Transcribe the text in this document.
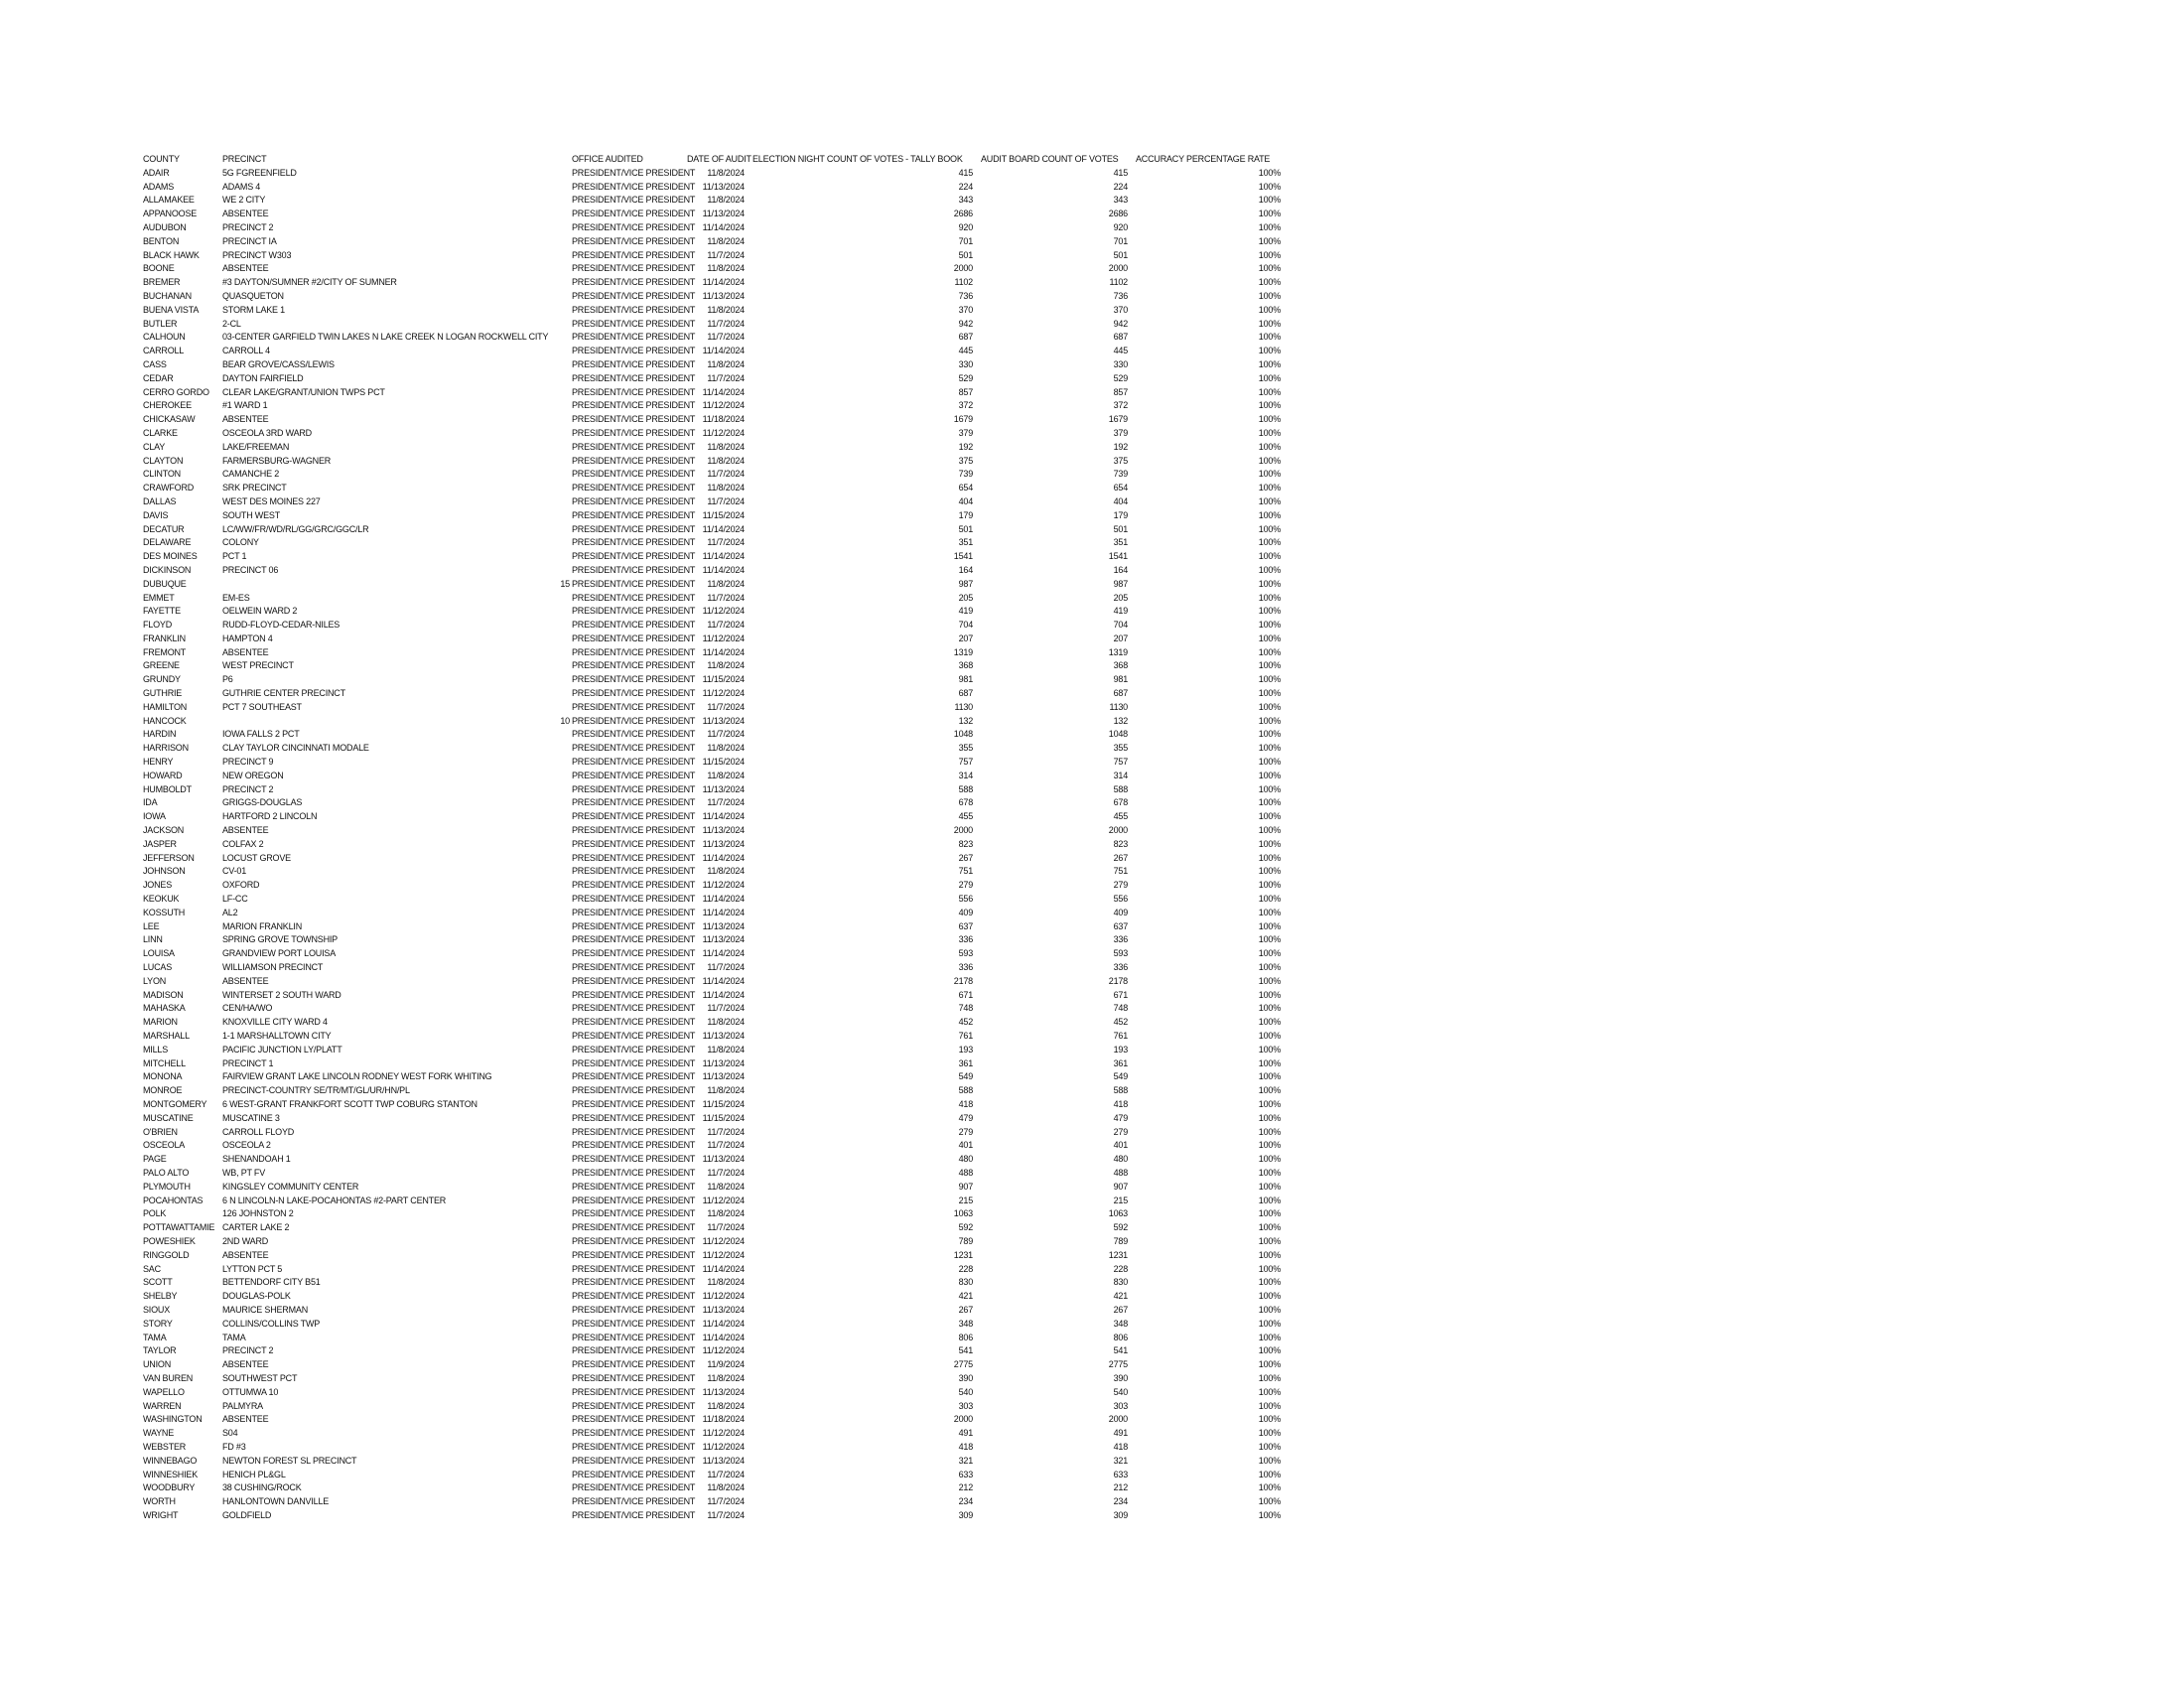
COUNTY	PRECINCT		OFFICE AUDITED	DATE OF AUDIT	ELECTION NIGHT COUNT OF VOTES - TALLY BOOK	AUDIT BOARD COUNT OF VOTES	ACCURACY PERCENTAGE RATE
ADAIR	5G FGREENFIELD		PRESIDENT/VICE PRESIDENT	11/8/2024	415	415	100%
ADAMS	ADAMS 4		PRESIDENT/VICE PRESIDENT	11/13/2024	224	224	100%
ALLAMAKEE	WE 2 CITY		PRESIDENT/VICE PRESIDENT	11/8/2024	343	343	100%
APPANOOSE	ABSENTEE		PRESIDENT/VICE PRESIDENT	11/13/2024	2686	2686	100%
AUDUBON	PRECINCT 2		PRESIDENT/VICE PRESIDENT	11/14/2024	920	920	100%
BENTON	PRECINCT IA		PRESIDENT/VICE PRESIDENT	11/8/2024	701	701	100%
BLACK HAWK	PRECINCT W303		PRESIDENT/VICE PRESIDENT	11/7/2024	501	501	100%
BOONE	ABSENTEE		PRESIDENT/VICE PRESIDENT	11/8/2024	2000	2000	100%
BREMER	#3 DAYTON/SUMNER #2/CITY OF SUMNER		PRESIDENT/VICE PRESIDENT	11/14/2024	1102	1102	100%
BUCHANAN	QUASQUETON		PRESIDENT/VICE PRESIDENT	11/13/2024	736	736	100%
BUENA VISTA	STORM LAKE 1		PRESIDENT/VICE PRESIDENT	11/8/2024	370	370	100%
BUTLER	2-CL		PRESIDENT/VICE PRESIDENT	11/7/2024	942	942	100%
CALHOUN	03-CENTER GARFIELD TWIN LAKES N LAKE CREEK N LOGAN ROCKWELL CITY		PRESIDENT/VICE PRESIDENT	11/7/2024	687	687	100%
CARROLL	CARROLL 4		PRESIDENT/VICE PRESIDENT	11/14/2024	445	445	100%
CASS	BEAR GROVE/CASS/LEWIS		PRESIDENT/VICE PRESIDENT	11/8/2024	330	330	100%
CEDAR	DAYTON FAIRFIELD		PRESIDENT/VICE PRESIDENT	11/7/2024	529	529	100%
CERRO GORDO	CLEAR LAKE/GRANT/UNION TWPS PCT		PRESIDENT/VICE PRESIDENT	11/14/2024	857	857	100%
CHEROKEE	#1 WARD 1		PRESIDENT/VICE PRESIDENT	11/12/2024	372	372	100%
CHICKASAW	ABSENTEE		PRESIDENT/VICE PRESIDENT	11/18/2024	1679	1679	100%
CLARKE	OSCEOLA 3RD WARD		PRESIDENT/VICE PRESIDENT	11/12/2024	379	379	100%
CLAY	LAKE/FREEMAN		PRESIDENT/VICE PRESIDENT	11/8/2024	192	192	100%
CLAYTON	FARMERSBURG-WAGNER		PRESIDENT/VICE PRESIDENT	11/8/2024	375	375	100%
CLINTON	CAMANCHE 2		PRESIDENT/VICE PRESIDENT	11/7/2024	739	739	100%
CRAWFORD	SRK PRECINCT		PRESIDENT/VICE PRESIDENT	11/8/2024	654	654	100%
DALLAS	WEST DES MOINES 227		PRESIDENT/VICE PRESIDENT	11/7/2024	404	404	100%
DAVIS	SOUTH WEST		PRESIDENT/VICE PRESIDENT	11/15/2024	179	179	100%
DECATUR	LC/WW/FR/WD/RL/GG/GRC/GGC/LR		PRESIDENT/VICE PRESIDENT	11/14/2024	501	501	100%
DELAWARE	COLONY		PRESIDENT/VICE PRESIDENT	11/7/2024	351	351	100%
DES MOINES	PCT 1		PRESIDENT/VICE PRESIDENT	11/14/2024	1541	1541	100%
DICKINSON	PRECINCT 06		PRESIDENT/VICE PRESIDENT	11/14/2024	164	164	100%
DUBUQUE		15	PRESIDENT/VICE PRESIDENT	11/8/2024	987	987	100%
EMMET	EM-ES		PRESIDENT/VICE PRESIDENT	11/7/2024	205	205	100%
FAYETTE	OELWEIN WARD 2		PRESIDENT/VICE PRESIDENT	11/12/2024	419	419	100%
FLOYD	RUDD-FLOYD-CEDAR-NILES		PRESIDENT/VICE PRESIDENT	11/7/2024	704	704	100%
FRANKLIN	HAMPTON 4		PRESIDENT/VICE PRESIDENT	11/12/2024	207	207	100%
FREMONT	ABSENTEE		PRESIDENT/VICE PRESIDENT	11/14/2024	1319	1319	100%
GREENE	WEST PRECINCT		PRESIDENT/VICE PRESIDENT	11/8/2024	368	368	100%
GRUNDY	P6		PRESIDENT/VICE PRESIDENT	11/15/2024	981	981	100%
GUTHRIE	GUTHRIE CENTER PRECINCT		PRESIDENT/VICE PRESIDENT	11/12/2024	687	687	100%
HAMILTON	PCT 7 SOUTHEAST		PRESIDENT/VICE PRESIDENT	11/7/2024	1130	1130	100%
HANCOCK		10	PRESIDENT/VICE PRESIDENT	11/13/2024	132	132	100%
HARDIN	IOWA FALLS 2 PCT		PRESIDENT/VICE PRESIDENT	11/7/2024	1048	1048	100%
HARRISON	CLAY TAYLOR CINCINNATI MODALE		PRESIDENT/VICE PRESIDENT	11/8/2024	355	355	100%
HENRY	PRECINCT 9		PRESIDENT/VICE PRESIDENT	11/15/2024	757	757	100%
HOWARD	NEW OREGON		PRESIDENT/VICE PRESIDENT	11/8/2024	314	314	100%
HUMBOLDT	PRECINCT 2		PRESIDENT/VICE PRESIDENT	11/13/2024	588	588	100%
IDA	GRIGGS-DOUGLAS		PRESIDENT/VICE PRESIDENT	11/7/2024	678	678	100%
IOWA	HARTFORD 2 LINCOLN		PRESIDENT/VICE PRESIDENT	11/14/2024	455	455	100%
JACKSON	ABSENTEE		PRESIDENT/VICE PRESIDENT	11/13/2024	2000	2000	100%
JASPER	COLFAX 2		PRESIDENT/VICE PRESIDENT	11/13/2024	823	823	100%
JEFFERSON	LOCUST GROVE		PRESIDENT/VICE PRESIDENT	11/14/2024	267	267	100%
JOHNSON	CV-01		PRESIDENT/VICE PRESIDENT	11/8/2024	751	751	100%
JONES	OXFORD		PRESIDENT/VICE PRESIDENT	11/12/2024	279	279	100%
KEOKUK	LF-CC		PRESIDENT/VICE PRESIDENT	11/14/2024	556	556	100%
KOSSUTH	AL2		PRESIDENT/VICE PRESIDENT	11/14/2024	409	409	100%
LEE	MARION FRANKLIN		PRESIDENT/VICE PRESIDENT	11/13/2024	637	637	100%
LINN	SPRING GROVE TOWNSHIP		PRESIDENT/VICE PRESIDENT	11/13/2024	336	336	100%
LOUISA	GRANDVIEW PORT LOUISA		PRESIDENT/VICE PRESIDENT	11/14/2024	593	593	100%
LUCAS	WILLIAMSON PRECINCT		PRESIDENT/VICE PRESIDENT	11/7/2024	336	336	100%
LYON	ABSENTEE		PRESIDENT/VICE PRESIDENT	11/14/2024	2178	2178	100%
MADISON	WINTERSET 2 SOUTH WARD		PRESIDENT/VICE PRESIDENT	11/14/2024	671	671	100%
MAHASKA	CEN/HA/WO		PRESIDENT/VICE PRESIDENT	11/7/2024	748	748	100%
MARION	KNOXVILLE CITY WARD 4		PRESIDENT/VICE PRESIDENT	11/8/2024	452	452	100%
MARSHALL	1-1 MARSHALLTOWN CITY		PRESIDENT/VICE PRESIDENT	11/13/2024	761	761	100%
MILLS	PACIFIC JUNCTION LY/PLATT		PRESIDENT/VICE PRESIDENT	11/8/2024	193	193	100%
MITCHELL	PRECINCT 1		PRESIDENT/VICE PRESIDENT	11/13/2024	361	361	100%
MONONA	FAIRVIEW GRANT LAKE LINCOLN RODNEY WEST FORK WHITING		PRESIDENT/VICE PRESIDENT	11/13/2024	549	549	100%
MONROE	PRECINCT-COUNTRY SE/TR/MT/GL/UR/HN/PL		PRESIDENT/VICE PRESIDENT	11/8/2024	588	588	100%
MONTGOMERY	6 WEST-GRANT FRANKFORT SCOTT TWP COBURG STANTON		PRESIDENT/VICE PRESIDENT	11/15/2024	418	418	100%
MUSCATINE	MUSCATINE 3		PRESIDENT/VICE PRESIDENT	11/15/2024	479	479	100%
O'BRIEN	CARROLL FLOYD		PRESIDENT/VICE PRESIDENT	11/7/2024	279	279	100%
OSCEOLA	OSCEOLA 2		PRESIDENT/VICE PRESIDENT	11/7/2024	401	401	100%
PAGE	SHENANDOAH 1		PRESIDENT/VICE PRESIDENT	11/13/2024	480	480	100%
PALO ALTO	WB, PT FV		PRESIDENT/VICE PRESIDENT	11/7/2024	488	488	100%
PLYMOUTH	KINGSLEY COMMUNITY CENTER		PRESIDENT/VICE PRESIDENT	11/8/2024	907	907	100%
POCAHONTAS	6 N LINCOLN-N LAKE-POCAHONTAS #2-PART CENTER		PRESIDENT/VICE PRESIDENT	11/12/2024	215	215	100%
POLK	126 JOHNSTON 2		PRESIDENT/VICE PRESIDENT	11/8/2024	1063	1063	100%
POTTAWATTAMIE	CARTER LAKE 2		PRESIDENT/VICE PRESIDENT	11/7/2024	592	592	100%
POWESHIEK	2ND WARD		PRESIDENT/VICE PRESIDENT	11/12/2024	789	789	100%
RINGGOLD	ABSENTEE		PRESIDENT/VICE PRESIDENT	11/12/2024	1231	1231	100%
SAC	LYTTON PCT 5		PRESIDENT/VICE PRESIDENT	11/14/2024	228	228	100%
SCOTT	BETTENDORF CITY B51		PRESIDENT/VICE PRESIDENT	11/8/2024	830	830	100%
SHELBY	DOUGLAS-POLK		PRESIDENT/VICE PRESIDENT	11/12/2024	421	421	100%
SIOUX	MAURICE SHERMAN		PRESIDENT/VICE PRESIDENT	11/13/2024	267	267	100%
STORY	COLLINS/COLLINS TWP		PRESIDENT/VICE PRESIDENT	11/14/2024	348	348	100%
TAMA	TAMA		PRESIDENT/VICE PRESIDENT	11/14/2024	806	806	100%
TAYLOR	PRECINCT 2		PRESIDENT/VICE PRESIDENT	11/12/2024	541	541	100%
UNION	ABSENTEE		PRESIDENT/VICE PRESIDENT	11/9/2024	2775	2775	100%
VAN BUREN	SOUTHWEST PCT		PRESIDENT/VICE PRESIDENT	11/8/2024	390	390	100%
WAPELLO	OTTUMWA 10		PRESIDENT/VICE PRESIDENT	11/13/2024	540	540	100%
WARREN	PALMYRA		PRESIDENT/VICE PRESIDENT	11/8/2024	303	303	100%
WASHINGTON	ABSENTEE		PRESIDENT/VICE PRESIDENT	11/18/2024	2000	2000	100%
WAYNE	S04		PRESIDENT/VICE PRESIDENT	11/12/2024	491	491	100%
WEBSTER	FD #3		PRESIDENT/VICE PRESIDENT	11/12/2024	418	418	100%
WINNEBAGO	NEWTON FOREST SL PRECINCT		PRESIDENT/VICE PRESIDENT	11/13/2024	321	321	100%
WINNESHIEK	HENICH PL&GL		PRESIDENT/VICE PRESIDENT	11/7/2024	633	633	100%
WOODBURY	38 CUSHING/ROCK		PRESIDENT/VICE PRESIDENT	11/8/2024	212	212	100%
WORTH	HANLONTOWN DANVILLE		PRESIDENT/VICE PRESIDENT	11/7/2024	234	234	100%
WRIGHT	GOLDFIELD		PRESIDENT/VICE PRESIDENT	11/7/2024	309	309	100%
